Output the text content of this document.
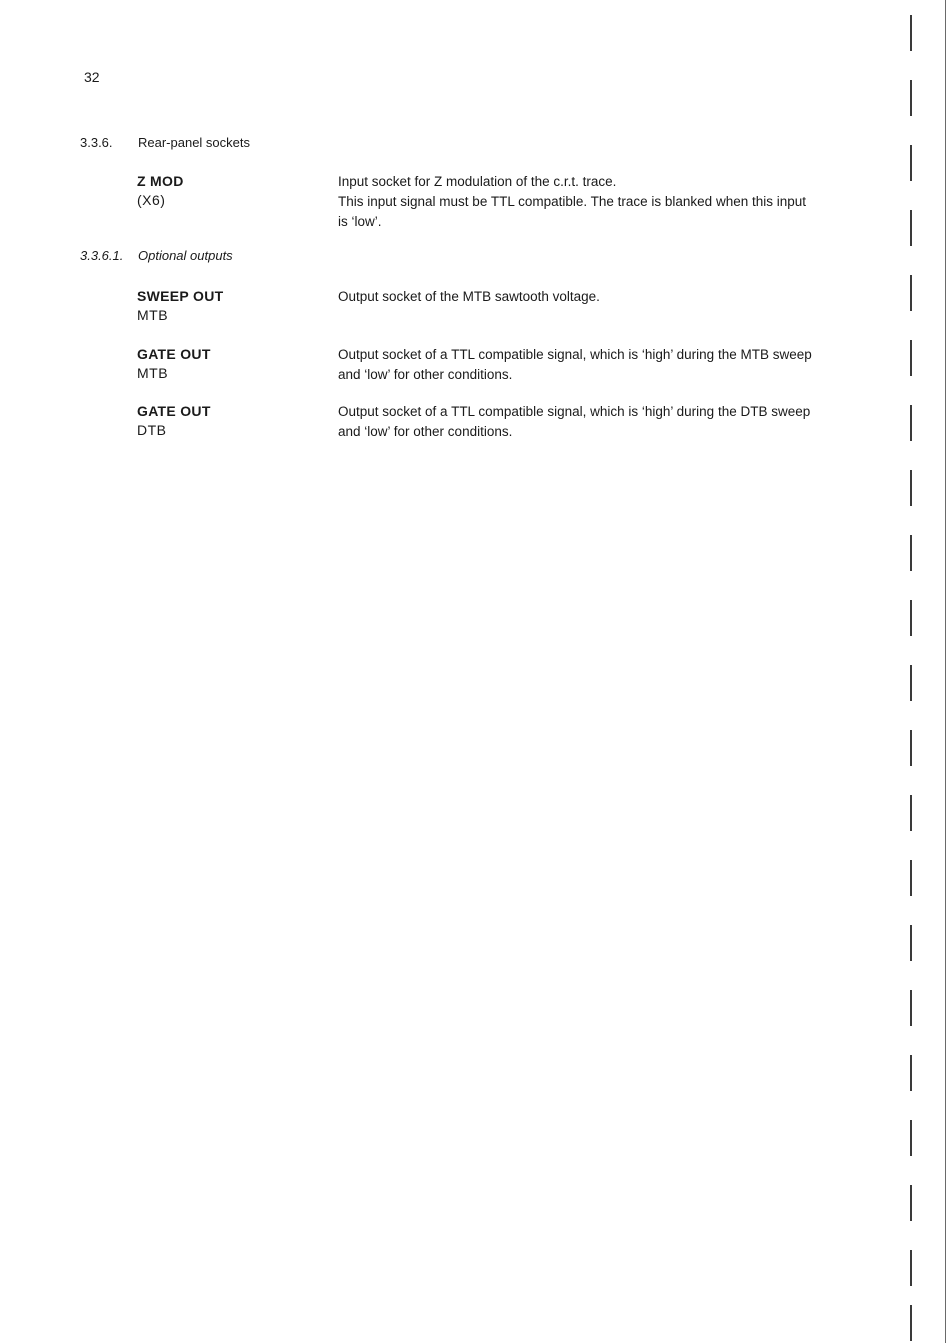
32
3.3.6. Rear-panel sockets
Z MOD
(X6)

Input socket for Z modulation of the c.r.t. trace.

This input signal must be TTL compatible. The trace is blanked when this input is ‘low’.

3.3.6.1. Optional outputs
SWEEP OUT
MTB

Output socket of the MTB sawtooth voltage.

GATE OUT
MTB

Output socket of a TTL compatible signal, which is ‘high’ during the MTB sweep and ‘low’ for other conditions.

GATE OUT
DTB

Output socket of a TTL compatible signal, which is ‘high’ during the DTB sweep and ‘low’ for other conditions.
